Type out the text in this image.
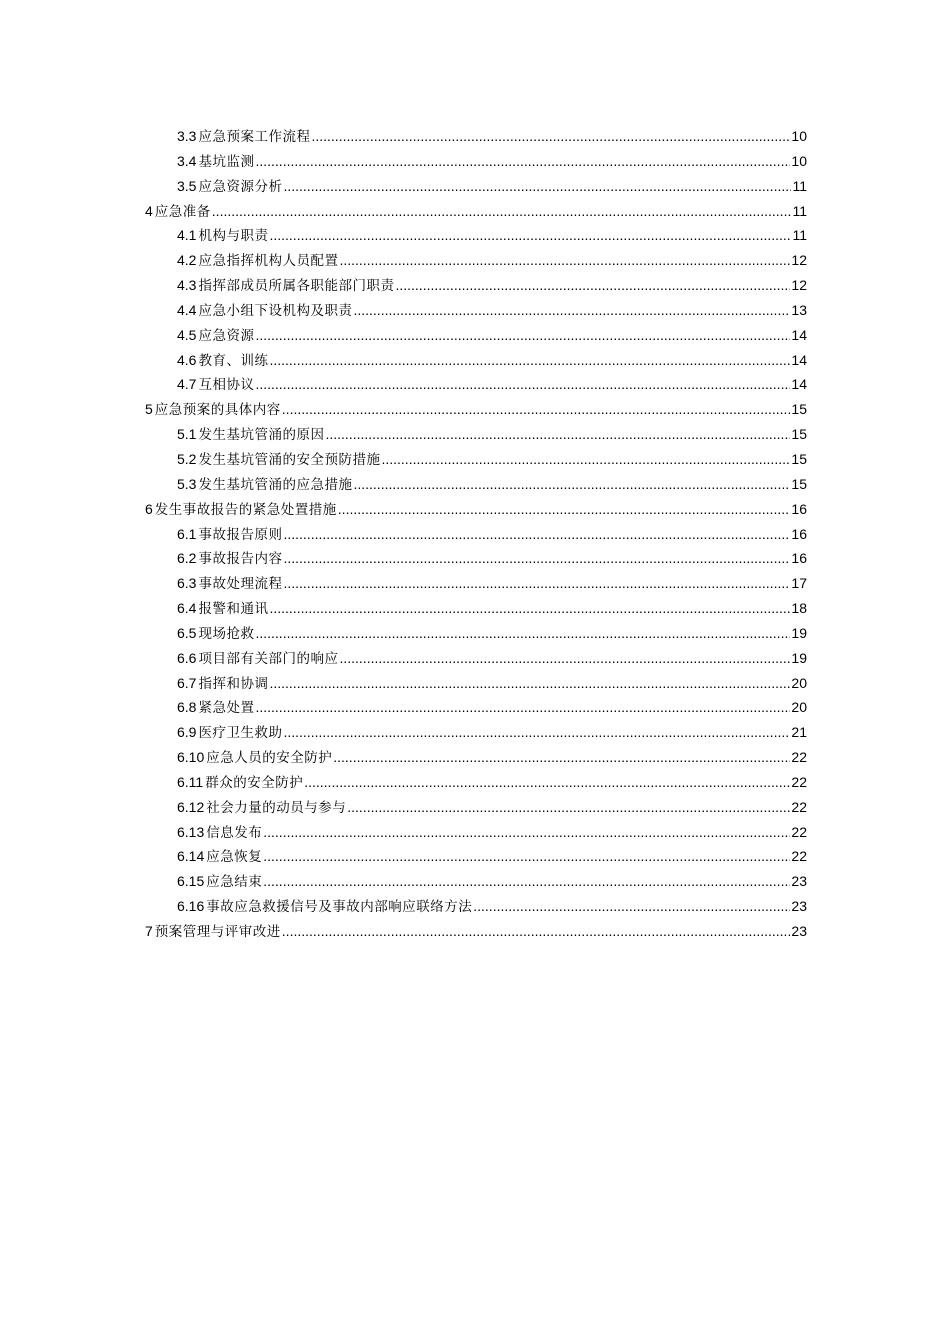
3.3 应急预案工作流程 .....	10
3.4 基坑监测 .....	10
3.5 应急资源分析 .....	11
4 应急准备 .....	11
4.1 机构与职责 .....	11
4.2 应急指挥机构人员配置 .....	12
4.3 指挥部成员所属各职能部门职责 .....	12
4.4 应急小组下设机构及职责 .....	13
4.5 应急资源 .....	14
4.6 教育、训练 .....	14
4.7 互相协议 .....	14
5 应急预案的具体内容 .....	15
5.1 发生基坑管涌的原因 .....	15
5.2 发生基坑管涌的安全预防措施 .....	15
5.3 发生基坑管涌的应急措施 .....	15
6 发生事故报告的紧急处置措施 .....	16
6.1 事故报告原则 .....	16
6.2 事故报告内容 .....	16
6.3 事故处理流程 .....	17
6.4 报警和通讯 .....	18
6.5 现场抢救 .....	19
6.6 项目部有关部门的响应 .....	19
6.7 指挥和协调 .....	20
6.8 紧急处置 .....	20
6.9 医疗卫生救助 .....	21
6.10 应急人员的安全防护 .....	22
6.11 群众的安全防护 .....	22
6.12 社会力量的动员与参与 .....	22
6.13 信息发布 .....	22
6.14 应急恢复 .....	22
6.15 应急结束 .....	23
6.16 事故应急救援信号及事故内部响应联络方法 .....	23
7 预案管理与评审改进 .....	23
